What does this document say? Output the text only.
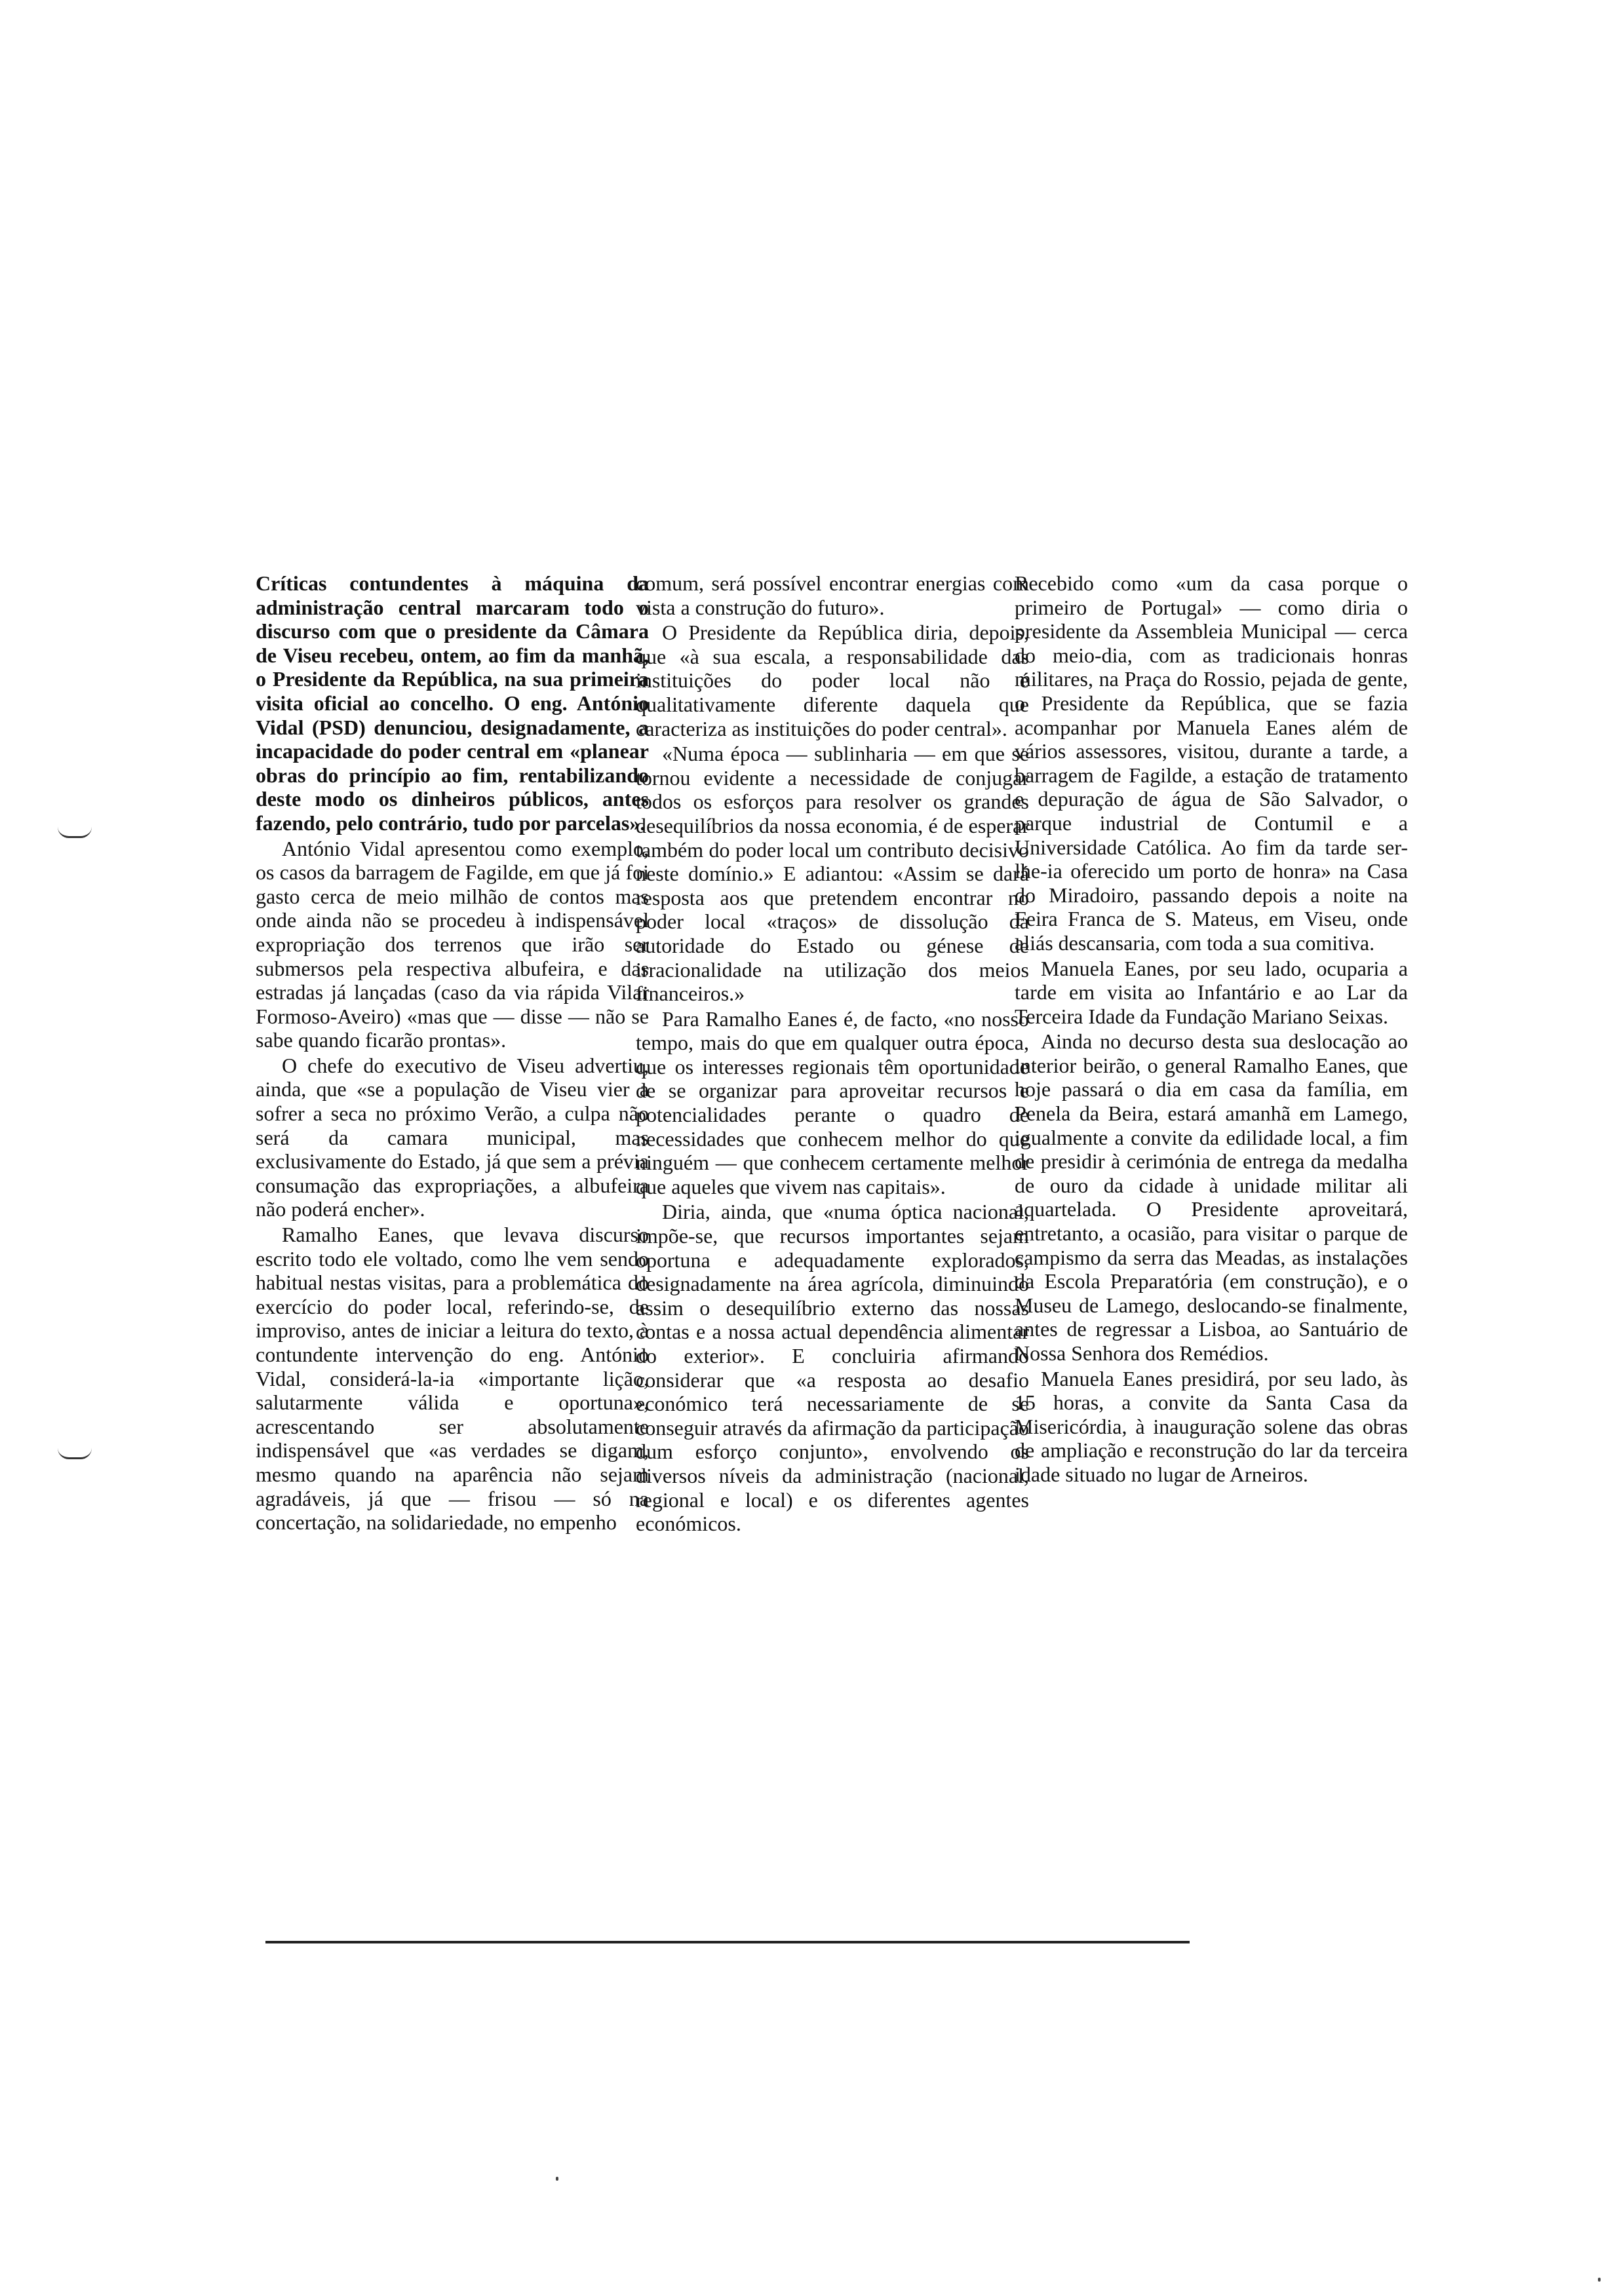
Críticas contundentes à máquina da administração central marcaram todo o discurso com que o presidente da Câmara de Viseu recebeu, ontem, ao fim da manhã, o Presidente da República, na sua primeira visita oficial ao concelho. O eng. António Vidal (PSD) denunciou, designadamente, a incapacidade do poder central em «planear obras do princípio ao fim, rentabilizando deste modo os dinheiros públicos, antes fazendo, pelo contrário, tudo por parcelas».

António Vidal apresentou como exemplo, os casos da barragem de Fagilde, em que já foi gasto cerca de meio milhão de contos mas onde ainda não se procedeu à indispensável expropriação dos terrenos que irão ser submersos pela respectiva albufeira, e das estradas já lançadas (caso da via rápida Vilar Formoso-Aveiro) «mas que — disse — não se sabe quando ficarão prontas».

O chefe do executivo de Viseu advertiu, ainda, que «se a população de Viseu vier a sofrer a seca no próximo Verão, a culpa não será da camara municipal, mas exclusivamente do Estado, já que sem a prévia consumação das expropriações, a albufeira não poderá encher».

Ramalho Eanes, que levava discurso escrito todo ele voltado, como lhe vem sendo habitual nestas visitas, para a problemática do exercício do poder local, referindo-se, de improviso, antes de iniciar a leitura do texto, à contundente intervenção do eng. António Vidal, considerá-la-ia «importante lição, salutarmente válida e oportuna», acrescentando ser absolutamente indispensável que «as verdades se digam, mesmo quando na aparência não sejam agradáveis, já que — frisou — só na concertação, na solidariedade, no empenho

comum, será possível encontrar energias com vista a construção do futuro».

O Presidente da República diria, depois, que «à sua escala, a responsabilidade das instituições do poder local não é qualitativamente diferente daquela que caracteriza as instituições do poder central».

«Numa época — sublinharia — em que se tornou evidente a necessidade de conjugar todos os esforços para resolver os grandes desequilíbrios da nossa economia, é de esperar também do poder local um contributo decisivo neste domínio.» E adiantou: «Assim se dará resposta aos que pretendem encontrar no poder local «traços» de dissolução da autoridade do Estado ou génese de irracionalidade na utilização dos meios financeiros.»

Para Ramalho Eanes é, de facto, «no nosso tempo, mais do que em qualquer outra época, que os interesses regionais têm oportunidade de se organizar para aproveitar recursos e potencialidades perante o quadro de necessidades que conhecem melhor do que ninguém — que conhecem certamente melhor que aqueles que vivem nas capitais».

Diria, ainda, que «numa óptica nacional, impõe-se, que recursos importantes sejam oportuna e adequadamente explorados, designadamente na área agrícola, diminuindo assim o desequilíbrio externo das nossas contas e a nossa actual dependência alimentar do exterior». E concluiria afirmando considerar que «a resposta ao desafio económico terá necessariamente de se conseguir através da afirmação da participação dum esforço conjunto», envolvendo os diversos níveis da administração (nacional, regional e local) e os diferentes agentes económicos.

Recebido como «um da casa porque o primeiro de Portugal» — como diria o presidente da Assembleia Municipal — cerca do meio-dia, com as tradicionais honras militares, na Praça do Rossio, pejada de gente, o Presidente da República, que se fazia acompanhar por Manuela Eanes além de vários assessores, visitou, durante a tarde, a barragem de Fagilde, a estação de tratamento e depuração de água de São Salvador, o parque industrial de Contumil e a Universidade Católica. Ao fim da tarde ser-lhe-ia oferecido um porto de honra» na Casa do Miradoiro, passando depois a noite na Feira Franca de S. Mateus, em Viseu, onde aliás descansaria, com toda a sua comitiva.

Manuela Eanes, por seu lado, ocuparia a tarde em visita ao Infantário e ao Lar da Terceira Idade da Fundação Mariano Seixas.

Ainda no decurso desta sua deslocação ao interior beirão, o general Ramalho Eanes, que hoje passará o dia em casa da família, em Penela da Beira, estará amanhã em Lamego, igualmente a convite da edilidade local, a fim de presidir à cerimónia de entrega da medalha de ouro da cidade à unidade militar ali aquartelada. O Presidente aproveitará, entretanto, a ocasião, para visitar o parque de campismo da serra das Meadas, as instalações da Escola Preparatória (em construção), e o Museu de Lamego, deslocando-se finalmente, antes de regressar a Lisboa, ao Santuário de Nossa Senhora dos Remédios.

Manuela Eanes presidirá, por seu lado, às 15 horas, a convite da Santa Casa da Misericórdia, à inauguração solene das obras de ampliação e reconstrução do lar da terceira idade situado no lugar de Arneiros.
